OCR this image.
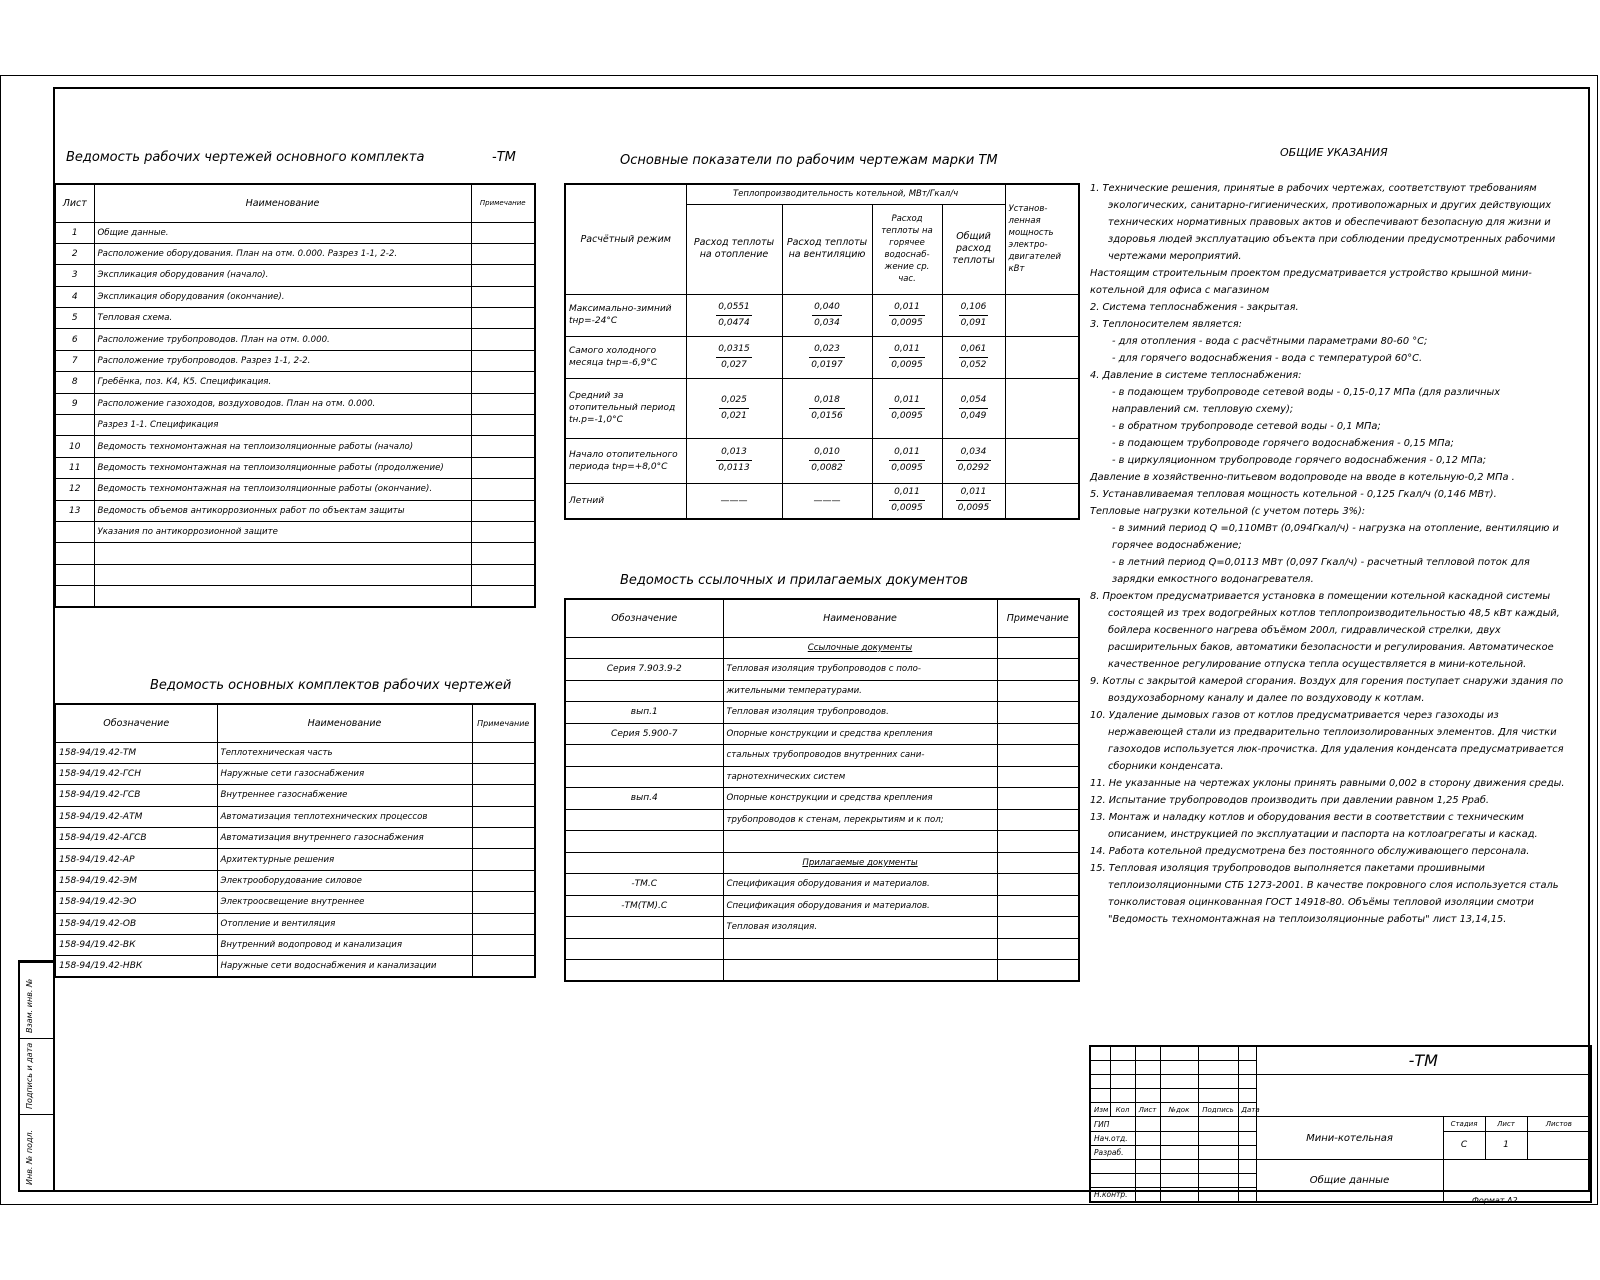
Взам. инв. №
Подпись и дата
Инв. № подл.
Ведомость рабочих чертежей основного комплекта	-ТМ	Основные показатели по рабочим чертежам марки ТМ
ОБЩИЕ УКАЗАНИЯ
Ведомость основных комплектов рабочих чертежей
Ведомость ссылочных и прилагаемых документов
Лист	Наименование	Примечание
1	Общие данные.	
2	Расположение оборудования. План на отм. 0.000. Разрез 1-1, 2-2.	
3	Экспликация оборудования (начало).	
4	Экспликация оборудования (окончание).	
5	Тепловая схема.	
6	Расположение трубопроводов. План на отм. 0.000.	
7	Расположение трубопроводов. Разрез 1-1, 2-2.	
8	Гребёнка, поз. К4, К5. Спецификация.	
9	Расположение газоходов, воздуховодов. План на отм. 0.000.	
	Разрез 1-1. Спецификация	
10	Ведомость техномонтажная на теплоизоляционные работы (начало)	
11	Ведомость техномонтажная на теплоизоляционные работы (продолжение)	
12	Ведомость техномонтажная на теплоизоляционные работы (окончание).	
13	Ведомость объемов антикоррозионных работ по объектам защиты	
	Указания по антикоррозионной защите	

Обозначение	Наименование	Примечание
158-94/19.42-ТМ	Теплотехническая часть	
158-94/19.42-ГСН	Наружные сети газоснабжения	
158-94/19.42-ГСВ	Внутреннее газоснабжение	
158-94/19.42-АТМ	Автоматизация теплотехнических процессов	
158-94/19.42-АГСВ	Автоматизация внутреннего газоснабжения	
158-94/19.42-АР	Архитектурные решения	
158-94/19.42-ЭМ	Электрооборудование силовое	
158-94/19.42-ЭО	Электроосвещение внутреннее	
158-94/19.42-ОВ	Отопление и вентиляция	
158-94/19.42-ВК	Внутренний водопровод и канализация	
158-94/19.42-НВК	Наружные сети водоснабжения и канализации	
Расчётный режим	Теплопроизводительность котельной, МВт/Гкал/ч				Установ-ленная мощность электро-двигателей кВт
	Расход теплоты на отопление	Расход теплоты на вентиляцию	Расход теплоты на горячее водоснаб-жение ср. час.	Общий расход теплоты	
Максимально-зимний tнр=-24°С	$\frac{0,0551}{0,0474}$	$\frac{0,040}{0,034}$	$\frac{0,011}{0,0095}$	$\frac{0,106}{0,091}$

Самого холодного месяца tнр=-6,9°С	$\frac{0,0315}{0,027}$	$\frac{0,023}{0,0197}$	$\frac{0,011}{0,0095}$	$\frac{0,061}{0,052}$

Средний за отопительный период tн.р=-1,0°С	$\frac{0,025}{0,021}$	$\frac{0,018}{0,0156}$	$\frac{0,011}{0,0095}$	$\frac{0,054}{0,049}$

Начало отопительного периода tнр=+8,0°С	$\frac{0,013}{0,0113}$	$\frac{0,010}{0,0082}$	$\frac{0,011}{0,0095}$	$\frac{0,034}{0,0292}$

Летний	———	———	$\frac{0,011}{0,0095}$	$\frac{0,011}{0,0095}$

Обозначение	Наименование	Примечание
	Ссылочные документы	
Серия 7.903.9-2	Тепловая изоляция трубопроводов с поло-	
	жительными температурами.	
вып.1	Тепловая изоляция трубопроводов.	
Серия 5.900-7	Опорные конструкции и средства крепления	
	стальных трубопроводов внутренних сани-	
	тарнотехнических систем	
вып.4	Опорные конструкции и средства крепления	
	трубопроводов к стенам, перекрытиям и к пол;	

	Прилагаемые документы	
-ТМ.С	Спецификация оборудования и материалов.	
-ТМ(ТМ).С	Спецификация оборудования и материалов.	
	Тепловая изоляция.	

1. Технические решения, принятые в рабочих чертежах, соответствуют требованиям экологических, санитарно-гигиенических, противопожарных и других действующих технических нормативных правовых актов и обеспечивают безопасную для жизни и здоровья людей эксплуатацию объекта при соблюдении предусмотренных рабочими чертежами мероприятий.

Настоящим строительным проектом предусматривается устройство крышной мини-котельной для офиса с магазином

2. Система теплоснабжения - закрытая.

3. Теплоносителем является:

- для отопления - вода с расчётными параметрами 80-60 °С;

- для горячего водоснабжения - вода с температурой 60°С.

4. Давление в системе теплоснабжения:

- в подающем трубопроводе сетевой воды - 0,15-0,17 МПа (для различных направлений см. тепловую схему);

- в обратном трубопроводе сетевой воды - 0,1 МПа;

- в подающем трубопроводе горячего водоснабжения - 0,15 МПа;

- в циркуляционном трубопроводе горячего водоснабжения - 0,12 МПа;

Давление в хозяйственно-питьевом водопроводе на вводе в котельную-0,2 МПа .

5. Устанавливаемая тепловая мощность котельной - 0,125 Гкал/ч (0,146 МВт).

Тепловые нагрузки котельной (с учетом потерь 3%):

- в зимний период Q =0,110МВт (0,094Гкал/ч) - нагрузка на отопление, вентиляцию и горячее водоснабжение;

- в летний период Q=0,0113 МВт (0,097 Гкал/ч) - расчетный тепловой поток для зарядки емкостного водонагревателя.

8. Проектом предусматривается установка в помещении котельной каскадной системы состоящей из трех водогрейных котлов теплопроизводительностью 48,5 кВт каждый, бойлера косвенного нагрева объёмом 200л, гидравлической стрелки, двух расширительных баков, автоматики безопасности и регулирования. Автоматическое качественное регулирование отпуска тепла осуществляется в мини-котельной.

9. Котлы с закрытой камерой сгорания. Воздух для горения поступает снаружи здания по воздухозаборному каналу и далее по воздуховоду к котлам.

10. Удаление дымовых газов от котлов предусматривается через газоходы из нержавеющей стали из предварительно теплоизолированных элементов. Для чистки газоходов используется люк-прочистка. Для удаления конденсата предусматривается сборники конденсата.

11. Не указанные на чертежах уклоны принять равными 0,002 в сторону движения среды.

12. Испытание трубопроводов производить при давлении равном 1,25 Рраб.

13. Монтаж и наладку котлов и оборудования вести в соответствии с техническим описанием, инструкцией по эксплуатации и паспорта на котлоагрегаты и каскад.

14. Работа котельной предусмотрена без постоянного обслуживающего персонала.

15. Тепловая изоляция трубопроводов выполняется пакетами прошивными теплоизоляционными СТБ 1273-2001. В качестве покровного слоя используется сталь тонколистовая оцинкованная ГОСТ 14918-80. Объёмы тепловой изоляции смотри "Ведомость техномонтажная на теплоизоляционные работы" лист 13,14,15.

						-ТМ			

Изм	Кол	Лист	№док	Подпись	Дата				
ГИП						Мини-котельная	Стадия	Лист	Листов
Нач.отд.							С	1	
Разраб.									
						Общие данные			

Н.контр.									
Формат А2
